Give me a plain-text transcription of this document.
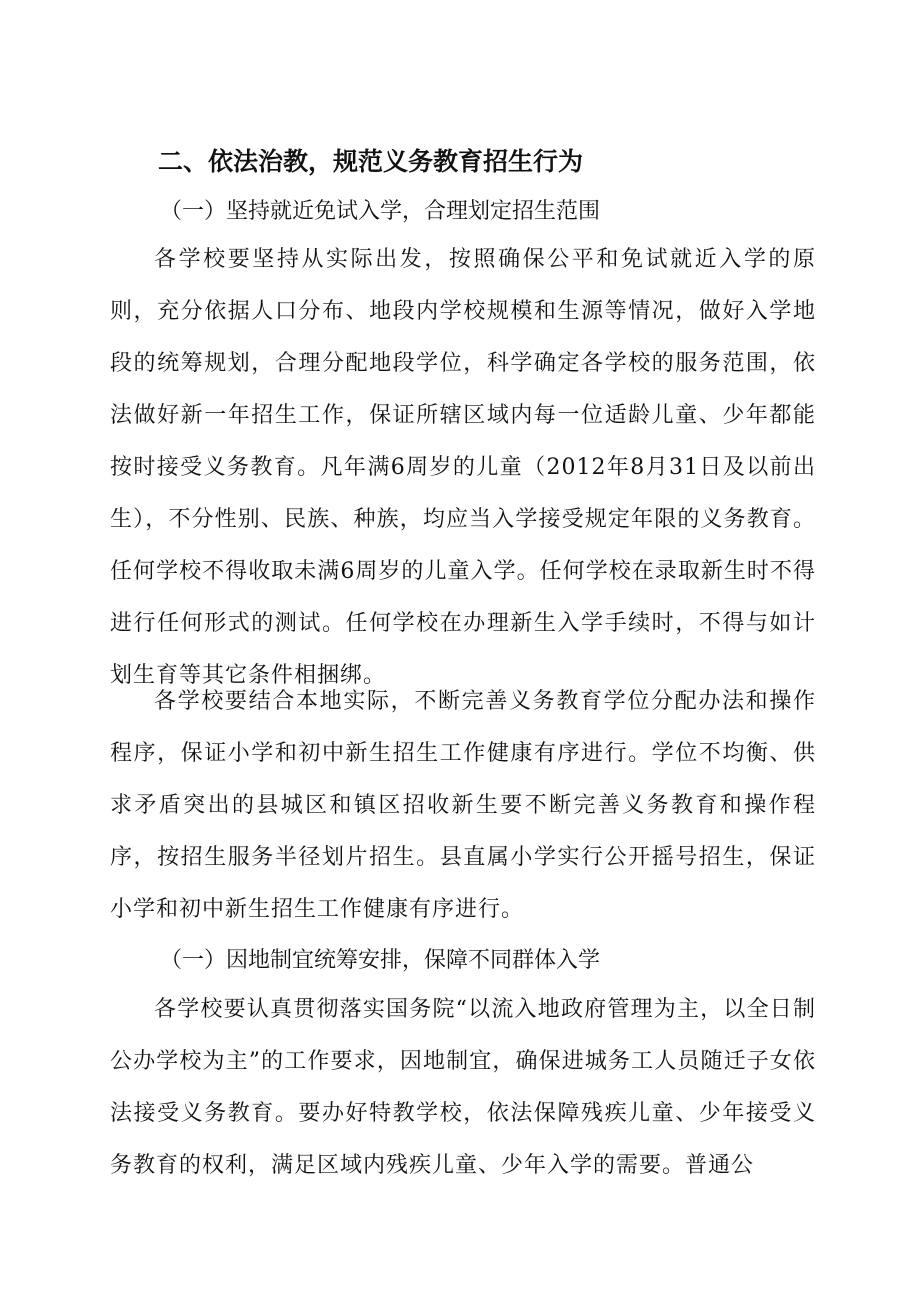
二、依法治教，规范义务教育招生行为
（一）坚持就近免试入学，合理划定招生范围
各学校要坚持从实际出发，按照确保公平和免试就近入学的原则，充分依据人口分布、地段内学校规模和生源等情况，做好入学地段的统筹规划，合理分配地段学位，科学确定各学校的服务范围，依法做好新一年招生工作，保证所辖区域内每一位适龄儿童、少年都能按时接受义务教育。凡年满6周岁的儿童（2012年8月31日及以前出生），不分性别、民族、种族，均应当入学接受规定年限的义务教育。任何学校不得收取未满6周岁的儿童入学。任何学校在录取新生时不得进行任何形式的测试。任何学校在办理新生入学手续时，不得与如计划生育等其它条件相捆绑。
各学校要结合本地实际，不断完善义务教育学位分配办法和操作程序，保证小学和初中新生招生工作健康有序进行。学位不均衡、供求矛盾突出的县城区和镇区招收新生要不断完善义务教育和操作程序，按招生服务半径划片招生。县直属小学实行公开摇号招生，保证小学和初中新生招生工作健康有序进行。
（一）因地制宜统筹安排，保障不同群体入学
各学校要认真贯彻落实国务院“以流入地政府管理为主，以全日制公办学校为主”的工作要求，因地制宜，确保进城务工人员随迁子女依法接受义务教育。要办好特教学校，依法保障残疾儿童、少年接受义务教育的权利，满足区域内残疾儿童、少年入学的需要。普通公
